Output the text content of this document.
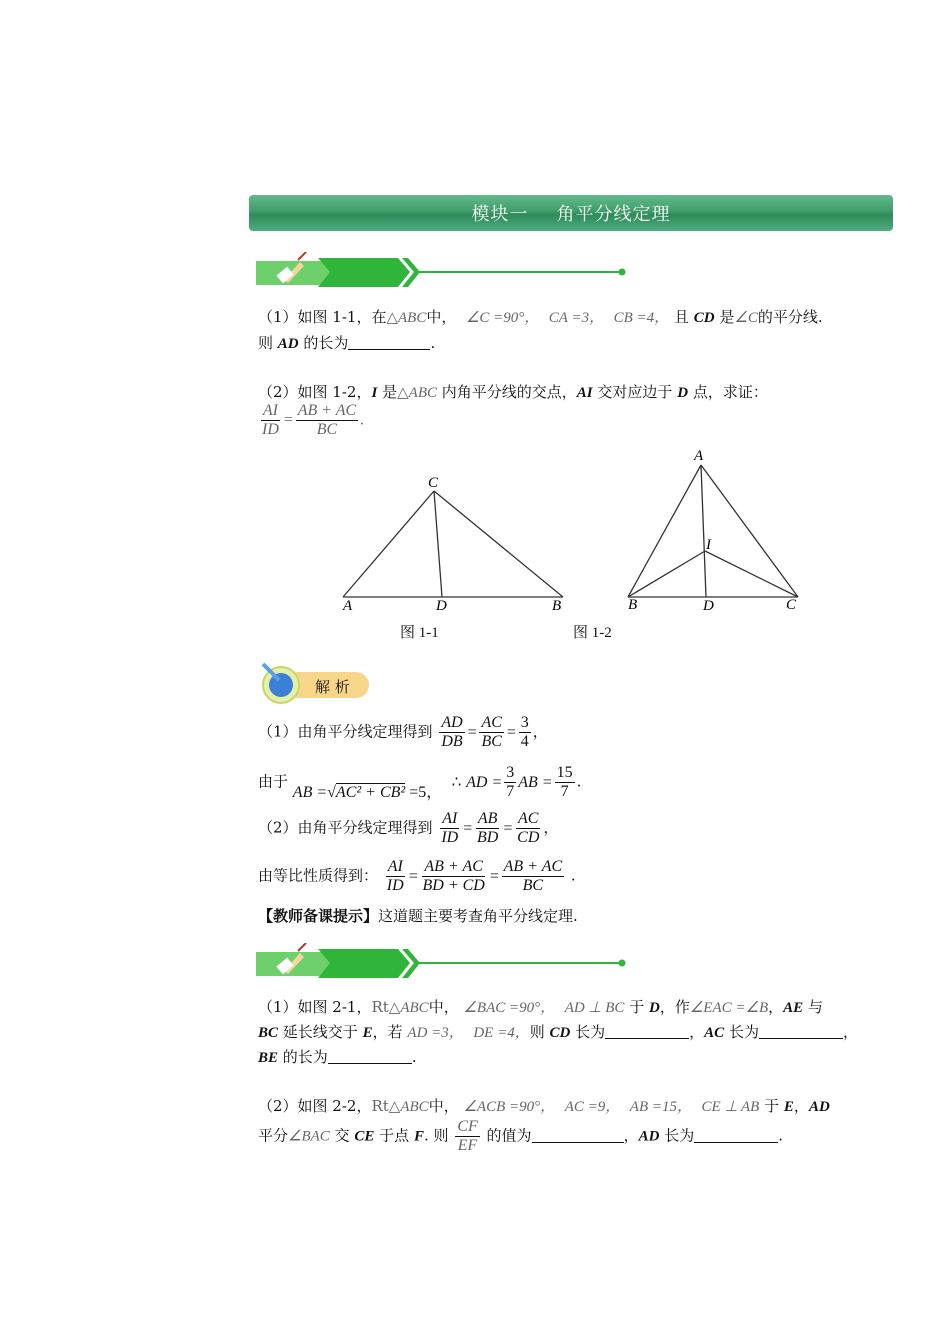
模块一 角平分线定理
（1）如图 1-1，在△ABC中， ∠C =90°， CA =3， CB =4， 且 CD 是∠C的平分线.
则 AD 的长为	.
（2）如图 1-2，I 是△ABC 内角平分线的交点，AI 交对应边于 D 点，求证：
$\frac{AI}{ID} = \frac{AB + AC}{BC}$ .
A	D	B
C
图 1-1
A
B	D	C
I
图 1-2
解 析
（1）由角平分线定理得到 $\frac{AD}{DB} = \frac{AC}{BC} = \frac{3}{4}$ ，
由于 AB =√AC² + CB² =5，  ∴ AD = $\frac{3}{7}$ AB = $\frac{15}{7}$ .
（2）由角平分线定理得到 $\frac{AI}{ID} = \frac{AB}{BD} = \frac{AC}{CD}$ ，
由等比性质得到： $\frac{AI}{ID} = \frac{AB + AC}{BD + CD} = \frac{AB + AC}{BC}$ .
【教师备课提示】这道题主要考查角平分线定理.
（1）如图 2-1，Rt△ABC中， ∠BAC =90°， AD ⊥ BC 于 D，作∠EAC =∠B，AE 与
BC 延长线交于 E，若 AD =3， DE =4，则 CD 长为	，AC 长为	，
BE 的长为	.
（2）如图 2-2，Rt△ABC中， ∠ACB =90°， AC =9， AB =15， CE ⊥ AB 于 E，AD
平分∠BAC 交 CE 于点 F. 则 $\frac{CF}{EF}$ 的值为	，AD 长为	.
